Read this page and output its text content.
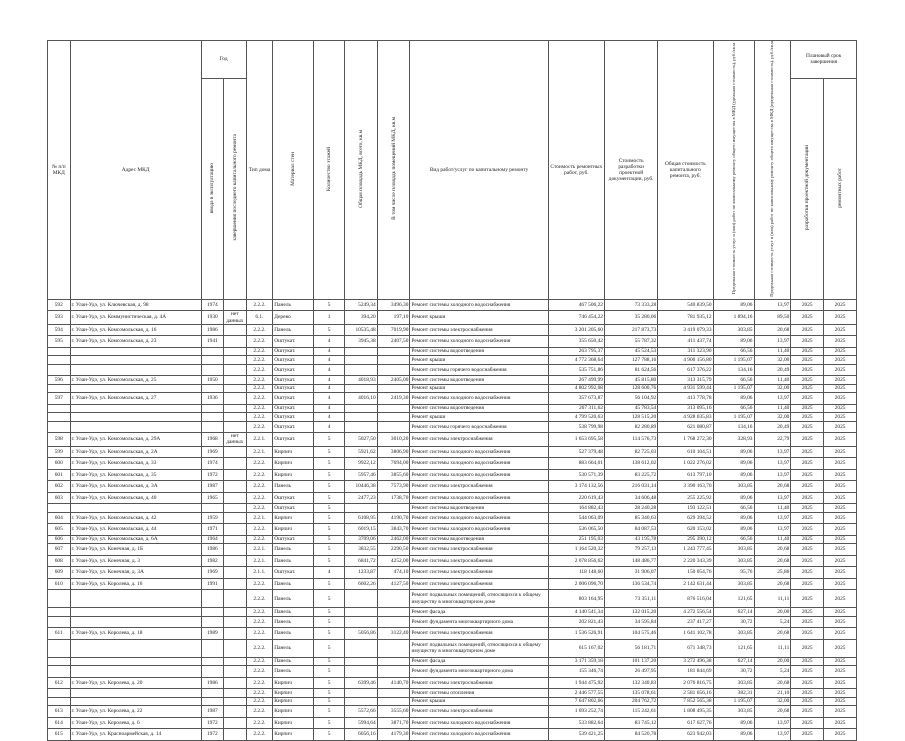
№ п/п МКД	Адрес МКД	Год		Тип дома	Материал стен	Количество этажей	Общая площадь МКД, всего, кв.м	В том числе площадь помещений МКД, кв.м	Вид работ/услуг по капитальному ремонту	Стоимость ремонтных работ, руб.	Стоимость разработки проектной документации, руб.	Общая стоимость капитального ремонта, руб.	Предельная стоимость услуг и (или) работ по капитальному ремонту общего имущества в МКД (удельная стоимость), руб./кв.м	Предельная стоимость услуг и (или) работ по капитальному ремонту общего имущества в МКД (предельная стоимость), руб./кв.м	Плановый срок завершения	
		ввода в эксплуатацию	завершения последнего капитального ремонта												разработки проектной документации	ремонтных работ
592	г. Улан-Удэ, ул. Ключевская, д. 98	1974		2.2.2.	Панель	5	5249,34	3496,30	Ремонт системы холодного водоснабжения	467 506,22	73 333,28	540 839,50	89,06	13,97	2025	2025
593	г. Улан-Удэ, ул. Коммунистическая, д. 4А	1930	нет данных	6.1.	Дерево	1	394,20	197,10	Ремонт крыши	746 454,22	35 280,06	781 935,12	1 894,16	89,50	2025	2025
594	г. Улан-Удэ, ул. Комсомольская, д. 16	1986		2.2.2.	Панель	5	10535,48	7019,90	Ремонт системы электроснабжения	3 201 205,60	217 873,73	3 419 079,33	303,85	20,68	2025	2025
595	г. Улан-Удэ, ул. Комсомольская, д. 23	1941		2.2.2.	Оштукат.	4	3945,38	2407,50	Ремонт системы холодного водоснабжения	355 650,42	55 787,32	411 437,74	89,06	13,97	2025	2025
				2.2.2.	Оштукат.	4			Ремонт системы водоотведения	263 795,37	45 524,53	311 323,90	66,56	11,40	2025	2025
				2.2.2.	Оштукат.	4			Ремонт крыши	4 772 368,64	127 788,16	4 900 156,80	1 195,07	32,00	2025	2025
				2.2.2.	Оштукат.	4			Ремонт системы горячего водоснабжения	535 751,86	81 624,56	617 376,22	134,16	20,49	2025	2025
596	г. Улан-Удэ, ул. Комсомольская, д. 25	1950		2.2.2.	Оштукат.	4	4018,93	2405,00	Ремонт системы водоотведения	267 499,99	45 815,80	313 315,79	66,56	11,40	2025	2025
				2.2.2.	Оштукат.	4			Ремонт крыши	4 802 992,08	128 600,76	4 931 599,44	1 195,07	32,00	2025	2025
597	г. Улан-Удэ, ул. Комсомольская, д. 27	1936		2.2.2.	Оштукат.	4	4016,10	2419,30	Ремонт системы холодного водоснабжения	357 673,87	56 104,92	413 778,78	89,06	13,97	2025	2025
				2.2.2.	Оштукат.	4			Ремонт системы водоотведения	267 311,62	45 783,54	313 095,16	66,56	11,40	2025	2025
				2.2.2.	Оштукат.	4			Ремонт крыши	4 799 520,63	128 515,20	4 928 035,83	1 195,07	32,00	2025	2025
				2.2.2.	Оштукат.	4			Ремонт системы горячего водоснабжения	538 799,98	82 280,89	621 080,87	134,16	20,49	2025	2025
598	г. Улан-Удэ, ул. Комсомольская, д. 29А	1968	нет данных	2.2.1.	Оштукат.	5	5027,50	3010,20	Ремонт системы электроснабжения	1 653 695,58	114 576,73	1 768 272,30	328,93	22,79	2025	2025
599	г. Улан-Удэ, ул. Комсомольская, д. 2А	1969		2.2.1.	Кирпич	5	5921,62	3806,90	Ремонт системы холодного водоснабжения	527 379,48	82 725,03	610 104,51	89,06	13,97	2025	2025
600	г. Улан-Удэ, ул. Комсомольская, д. 33	1974		2.2.2.	Кирпич	5	9922,12	7694,00	Ремонт системы холодного водоснабжения	883 664,01	138 612,02	1 022 276,02	89,06	13,97	2025	2025
601	г. Улан-Удэ, ул. Комсомольская, д. 35	1972		2.2.2.	Кирпич	5	5957,46	3855,60	Ремонт системы холодного водоснабжения	530 571,39	83 225,72	613 797,10	89,06	13,97	2025	2025
602	г. Улан-Удэ, ул. Комсомольская, д. 3А	1987		2.2.2.	Панель	5	10446,38	7573,90	Ремонт системы электроснабжения	3 174 132,56	216 031,14	3 390 163,70	303,85	20,68	2025	2025
603	г. Улан-Удэ, ул. Комсомольская, д. 40	1965		2.2.2.	Оштукат.	5	2477,23	1738,70	Ремонт системы холодного водоснабжения	220 619,43	34 606,48	255 225,92	89,06	13,97	2025	2025
				2.2.2.	Оштукат.	5			Ремонт системы водоотведения	164 882,43	28 240,28	193 122,51	66,56	11,40	2025	2025
604	г. Улан-Удэ, ул. Комсомольская, д. 42	1959		2.2.1.	Кирпич	5	6108,95	4190,70	Ремонт системы холодного водоснабжения	544 063,09	85 340,63	629 394,52	89,06	13,97	2025	2025
605	г. Улан-Удэ, ул. Комсомольская, д. 44	1971		2.2.2.	Кирпич	5	6019,15	3843,70	Ремонт системы холодного водоснабжения	536 065,50	84 087,53	620 153,02	89,06	13,97	2025	2025
606	г. Улан-Удэ, ул. Комсомольская, д. 6А	1964		2.2.2.	Оштукат.	5	3709,06	2462,00	Ремонт системы водоотведения	251 195,03	43 195,78	295 390,12	66,56	11,40	2025	2025
607	г. Улан-Удэ, ул. Конечная, д. 1Б	1986		2.2.1.	Панель	5	3832,55	2290,50	Ремонт системы электроснабжения	1 164 520,32	79 257,13	1 243 777,45	303,85	20,68	2025	2025
608	г. Улан-Удэ, ул. Конечная, д. 3	1982		2.2.1.	Панель	5	6841,72	4252,00	Ремонт системы электроснабжения	2 078 856,62	148 486,77	2 220 343,39	303,85	20,68	2025	2025
609	г. Улан-Удэ, ул. Конечная, д. 3А	1969		2.1.1.	Оштукат.	4	1233,87	474,10	Ремонт системы электроснабжения	118 148,60	31 906,07	150 054,76	95,76	25,86	2025	2025
610	г. Улан-Удэ, ул. Королева, д. 16	1991		2.2.2.	Панель	5	6602,26	4127,50	Ремонт системы электроснабжения	2 006 096,70	136 534,74	2 142 631,44	303,85	20,68	2025	2025
				2.2.2.	Панель	5			Ремонт подвальных помещений, относящихся к общему имуществу в многоквартирном доме	803 164,95	73 351,11	876 516,04	121,65	11,11	2025	2025
				2.2.2.	Панель	5			Ремонт фасада	4 140 541,34	132 015,20	4 272 556,54	627,14	20,00	2025	2025
				2.2.2.	Панель	5			Ремонт фундамента многоквартирного дома	202 821,43	34 595,84	237 417,27	30,72	5,24	2025	2025
611	г. Улан-Удэ, ул. Королева, д. 18	1989		2.2.2.	Панель	5	5056,86	3122,40	Ремонт системы электроснабжения	1 536 526,91	104 575,46	1 641 102,78	303,85	20,68	2025	2025
				2.2.2.	Панель	5			Ремонт подвальных помещений, относящихся к общему имуществу в многоквартирном доме	615 167,02	56 181,71	671 348,73	121,65	11,11	2025	2025
				2.2.2.	Панель	5			Ремонт фасада	3 171 359,18	101 137,20	3 272 496,38	627,14	20,00	2025	2025
				2.2.2.	Панель	5			Ремонт фундамента многоквартирного дома	155 346,74	26 497,95	181 844,69	30,72	5,24	2025	2025
612	г. Улан-Удэ, ул. Королева, д. 20	1986		2.2.2.	Кирпич	5	6399,46	4140,70	Ремонт системы электроснабжения	1 944 475,92	132 340,83	2 076 816,75	303,85	20,68	2025	2025
				2.2.2.	Кирпич	5			Ремонт системы отопления	2 446 577,55	135 078,61	2 581 656,16	382,31	21,10	2025	2025
				2.2.2.	Кирпич	5			Ремонт крыши	7 647 802,66	204 762,72	7 852 565,38	1 195,07	32,00	2025	2025
613	г. Улан-Удэ, ул. Королева, д. 22	1987		2.2.2.	Кирпич	5	5572,66	3555,60	Ремонт системы электроснабжения	1 693 252,74	115 242,61	1 808 495,35	303,85	20,68	2025	2025
614	г. Улан-Удэ, ул. Королева, д. 6	1972		2.2.2.	Кирпич	5	5994,64	3871,70	Ремонт системы холодного водоснабжения	533 882,64	83 745,12	617 627,76	89,06	13,97	2025	2025
615	г. Улан-Удэ, ул. Красноармейская, д. 14	1972		2.2.2.	Кирпич	5	6056,16	4179,30	Ремонт системы холодного водоснабжения	539 421,25	84 520,78	623 942,03	89,06	13,97	2025	2025
